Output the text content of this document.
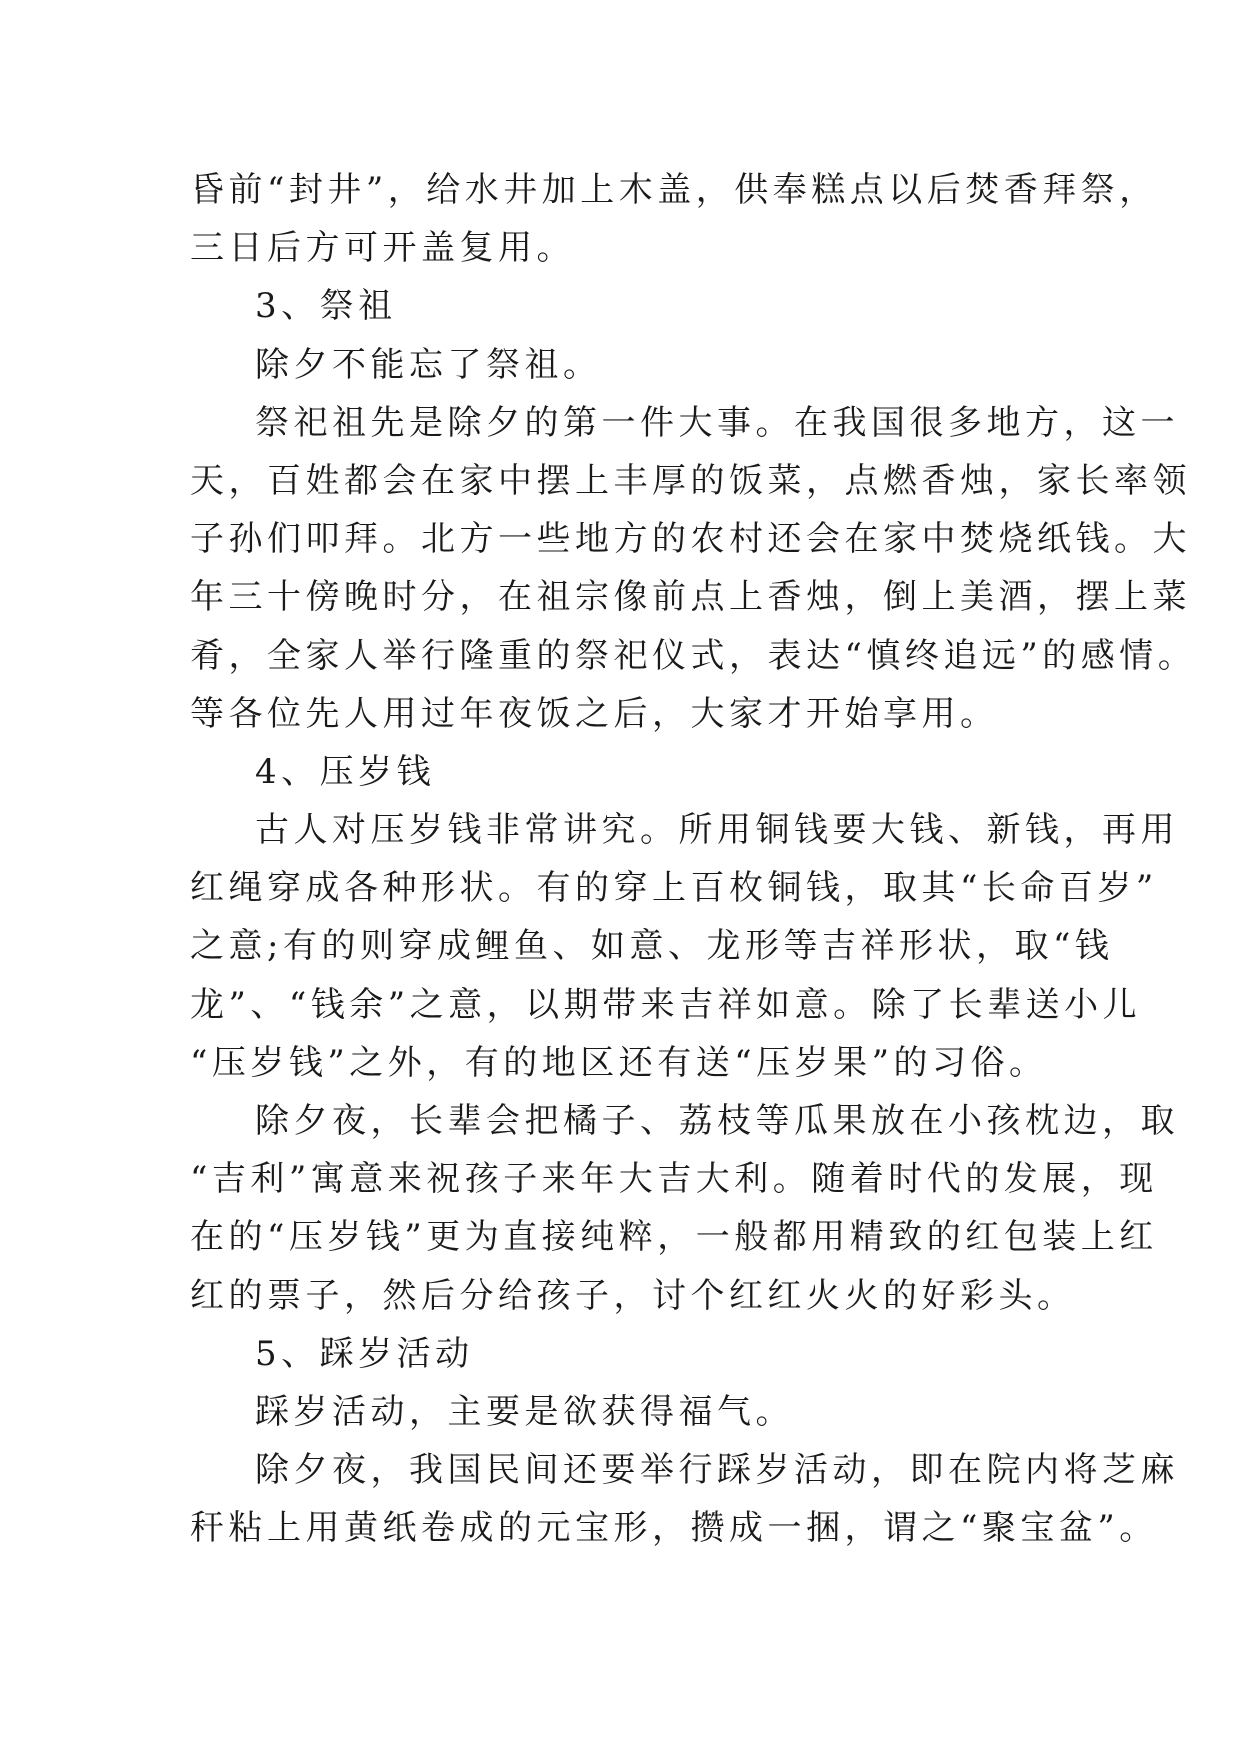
昏前“封井”，给水井加上木盖，供奉糕点以后焚香拜祭，
三日后方可开盖复用。
3、祭祖
除夕不能忘了祭祖。
祭祀祖先是除夕的第一件大事。在我国很多地方，这一
天，百姓都会在家中摆上丰厚的饭菜，点燃香烛，家长率领
子孙们叩拜。北方一些地方的农村还会在家中焚烧纸钱。大
年三十傍晚时分，在祖宗像前点上香烛，倒上美酒，摆上菜
肴，全家人举行隆重的祭祀仪式，表达“慎终追远”的感情。
等各位先人用过年夜饭之后，大家才开始享用。
4、压岁钱
古人对压岁钱非常讲究。所用铜钱要大钱、新钱，再用
红绳穿成各种形状。有的穿上百枚铜钱，取其“长命百岁”
之意;有的则穿成鲤鱼、如意、龙形等吉祥形状，取“钱
龙”、“钱余”之意，以期带来吉祥如意。除了长辈送小儿
“压岁钱”之外，有的地区还有送“压岁果”的习俗。
除夕夜，长辈会把橘子、荔枝等瓜果放在小孩枕边，取
“吉利”寓意来祝孩子来年大吉大利。随着时代的发展，现
在的“压岁钱”更为直接纯粹，一般都用精致的红包装上红
红的票子，然后分给孩子，讨个红红火火的好彩头。
5、踩岁活动
踩岁活动，主要是欲获得福气。
除夕夜，我国民间还要举行踩岁活动，即在院内将芝麻
秆粘上用黄纸卷成的元宝形，攒成一捆，谓之“聚宝盆”。
